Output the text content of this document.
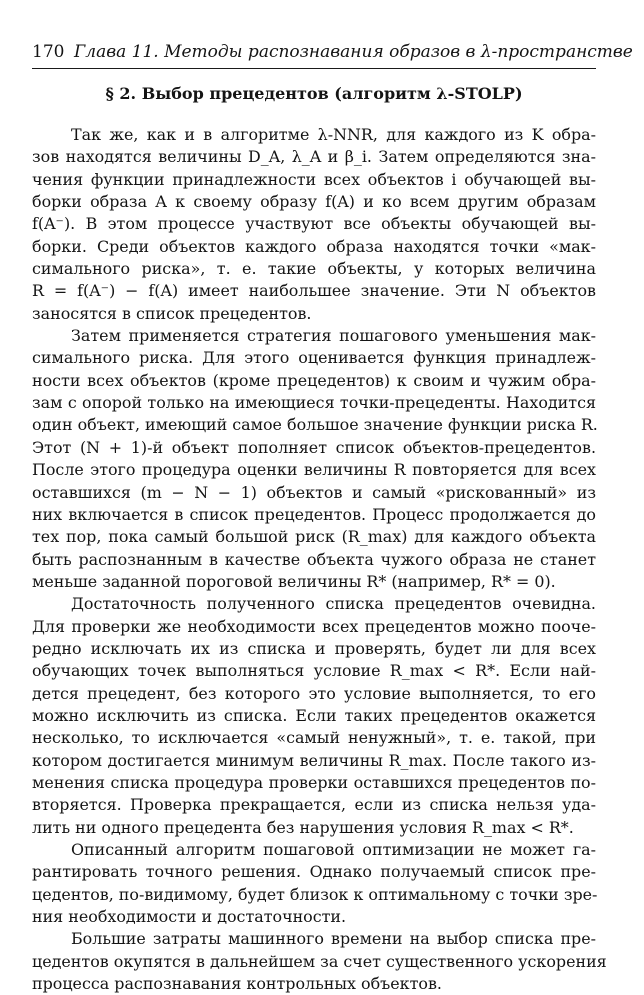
170 Глава 11. Методы распознавания образов в λ-пространстве
§ 2. Выбор прецедентов (алгоритм λ-STOLP)
Так же, как и в алгоритме λ-NNR, для каждого из K обра-
зов находятся величины D_A, λ_A и β_i. Затем определяются зна-
чения функции принадлежности всех объектов i обучающей вы-
борки образа A к своему образу f(A) и ко всем другим образам
f(A⁻). В этом процессе участвуют все объекты обучающей вы-
борки. Среди объектов каждого образа находятся точки «мак-
симального риска», т. е. такие объекты, у которых величина
R = f(A⁻) − f(A) имеет наибольшее значение. Эти N объектов
заносятся в список прецедентов.
Затем применяется стратегия пошагового уменьшения мак-
симального риска. Для этого оценивается функция принадлеж-
ности всех объектов (кроме прецедентов) к своим и чужим обра-
зам с опорой только на имеющиеся точки-прецеденты. Находится
один объект, имеющий самое большое значение функции риска R.
Этот (N + 1)-й объект пополняет список объектов-прецедентов.
После этого процедура оценки величины R повторяется для всех
оставшихся (m − N − 1) объектов и самый «рискованный» из
них включается в список прецедентов. Процесс продолжается до
тех пор, пока самый большой риск (R_max) для каждого объекта
быть распознанным в качестве объекта чужого образа не станет
меньше заданной пороговой величины R* (например, R* = 0).
Достаточность полученного списка прецедентов очевидна.
Для проверки же необходимости всех прецедентов можно пооче-
редно исключать их из списка и проверять, будет ли для всех
обучающих точек выполняться условие R_max < R*. Если най-
дется прецедент, без которого это условие выполняется, то его
можно исключить из списка. Если таких прецедентов окажется
несколько, то исключается «самый ненужный», т. е. такой, при
котором достигается минимум величины R_max. После такого из-
менения списка процедура проверки оставшихся прецедентов по-
вторяется. Проверка прекращается, если из списка нельзя уда-
лить ни одного прецедента без нарушения условия R_max < R*.
Описанный алгоритм пошаговой оптимизации не может га-
рантировать точного решения. Однако получаемый список пре-
цедентов, по-видимому, будет близок к оптимальному с точки зре-
ния необходимости и достаточности.
Большие затраты машинного времени на выбор списка пре-
цедентов окупятся в дальнейшем за счет существенного ускорения
процесса распознавания контрольных объектов.
